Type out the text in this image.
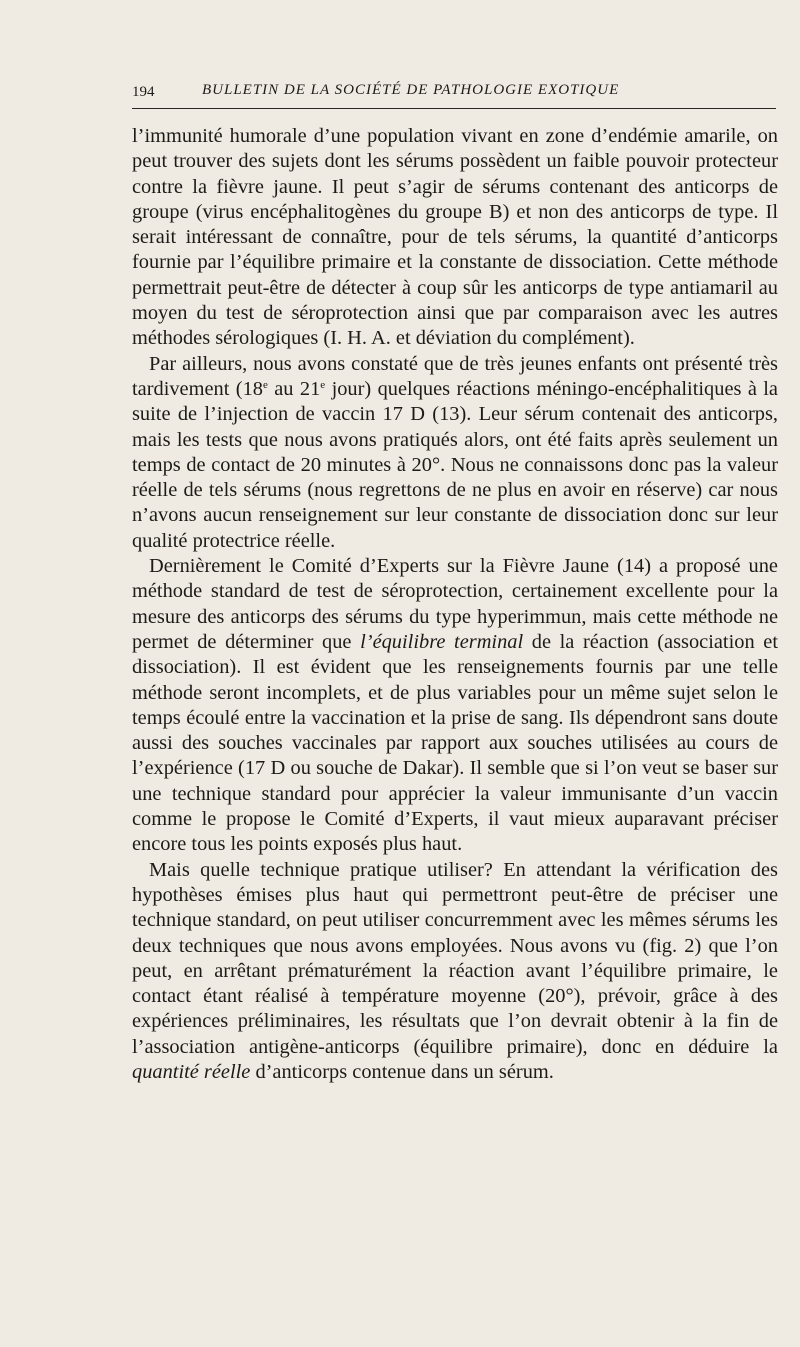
194	BULLETIN DE LA SOCIÉTÉ DE PATHOLOGIE EXOTIQUE

l’immunité humorale d’une population vivant en zone d’endémie amarile, on peut trouver des sujets dont les sérums possèdent un faible pouvoir protecteur contre la fièvre jaune. Il peut s’agir de sérums contenant des anticorps de groupe (virus encéphalitogènes du groupe B) et non des anticorps de type. Il serait intéressant de connaître, pour de tels sérums, la quantité d’anticorps fournie par l’équilibre primaire et la constante de dissociation. Cette méthode permettrait peut-être de détecter à coup sûr les anticorps de type antiamaril au moyen du test de séroprotection ainsi que par comparaison avec les autres méthodes sérologiques (I. H. A. et déviation du complément).

Par ailleurs, nous avons constaté que de très jeunes enfants ont présenté très tardivement (18e au 21e jour) quelques réactions méningo-encéphalitiques à la suite de l’injection de vaccin 17 D (13). Leur sérum contenait des anticorps, mais les tests que nous avons pratiqués alors, ont été faits après seulement un temps de contact de 20 minutes à 20°. Nous ne connaissons donc pas la valeur réelle de tels sérums (nous regrettons de ne plus en avoir en réserve) car nous n’avons aucun renseignement sur leur constante de dissociation donc sur leur qualité protectrice réelle.

Dernièrement le Comité d’Experts sur la Fièvre Jaune (14) a proposé une méthode standard de test de séroprotection, certainement excellente pour la mesure des anticorps des sérums du type hyperimmun, mais cette méthode ne permet de déterminer que l’équilibre terminal de la réaction (association et dissociation). Il est évident que les renseignements fournis par une telle méthode seront incomplets, et de plus variables pour un même sujet selon le temps écoulé entre la vaccination et la prise de sang. Ils dépendront sans doute aussi des souches vaccinales par rapport aux souches utilisées au cours de l’expérience (17 D ou souche de Dakar). Il semble que si l’on veut se baser sur une technique standard pour apprécier la valeur immunisante d’un vaccin comme le propose le Comité d’Experts, il vaut mieux auparavant préciser encore tous les points exposés plus haut.

Mais quelle technique pratique utiliser? En attendant la vérification des hypothèses émises plus haut qui permettront peut-être de préciser une technique standard, on peut utiliser concurremment avec les mêmes sérums les deux techniques que nous avons employées. Nous avons vu (fig. 2) que l’on peut, en arrêtant prématurément la réaction avant l’équilibre primaire, le contact étant réalisé à température moyenne (20°), prévoir, grâce à des expériences préliminaires, les résultats que l’on devrait obtenir à la fin de l’association antigène-anticorps (équilibre primaire), donc en déduire la quantité réelle d’anticorps contenue dans un sérum.
